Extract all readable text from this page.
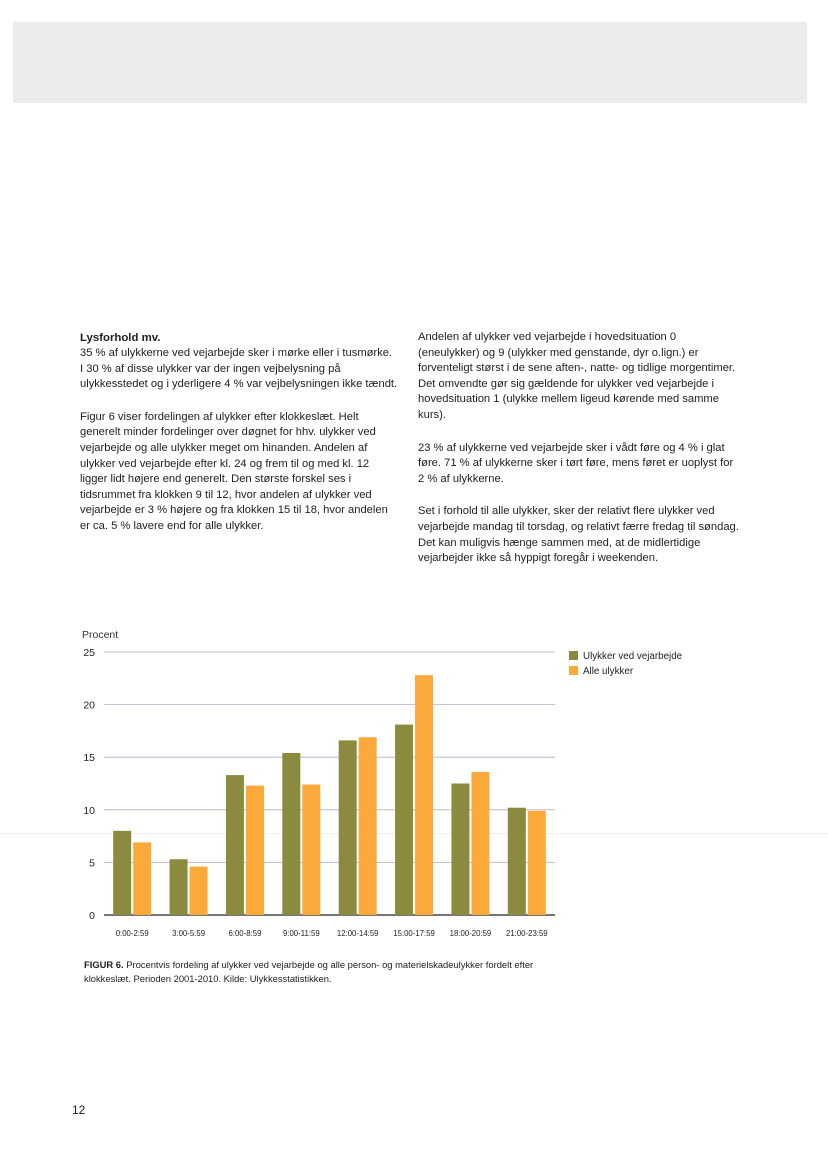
Lysforhold mv.

35 % af ulykkerne ved vejarbejde sker i mørke eller i tusmørke. I 30 % af disse ulykker var der ingen vejbelysning på ulykkesstedet og i yderligere 4 % var vejbelysningen ikke tændt.

Figur 6 viser fordelingen af ulykker efter klokkeslæt. Helt generelt minder fordelinger over døgnet for hhv. ulykker ved vejarbejde og alle ulykker meget om hinanden. Andelen af ulykker ved vejarbejde efter kl. 24 og frem til og med kl. 12 ligger lidt højere end generelt. Den største forskel ses i tidsrummet fra klokken 9 til 12, hvor andelen af ulykker ved vejarbejde er 3 % højere og fra klokken 15 til 18, hvor andelen er ca. 5 % lavere end for alle ulykker.

Andelen af ulykker ved vejarbejde i hovedsituation 0 (eneulykker) og 9 (ulykker med genstande, dyr o.lign.) er forventeligt størst i de sene aften-, natte- og tidlige morgentimer. Det omvendte gør sig gældende for ulykker ved vejarbejde i hovedsituation 1 (ulykke mellem ligeud kørende med samme kurs).

23 % af ulykkerne ved vejarbejde sker i vådt føre og 4 % i glat føre. 71 % af ulykkerne sker i tørt føre, mens føret er uoplyst for 2 % af ulykkerne.

Set i forhold til alle ulykker, sker der relativt flere ulykker ved vejarbejde mandag til torsdag, og relativt færre fredag til søndag. Det kan muligvis hænge sammen med, at de midlertidige vejarbejder ikke så hyppigt foregår i weekenden.

Procent
0
5
10
15
20
25
0:00-2:59	3:00-5:59	6:00-8:59	9:00-11:59 12:00-14:59 15:00-17:59 18:00-20:59 21:00-23:59
Ulykker ved vejarbejde
Alle ulykker
FIGUR 6. Procentvis fordeling af ulykker ved vejarbejde og alle person- og materielskadeulykker fordelt efter klokkeslæt. Perioden 2001-2010. Kilde: Ulykkesstatistikken.
12
